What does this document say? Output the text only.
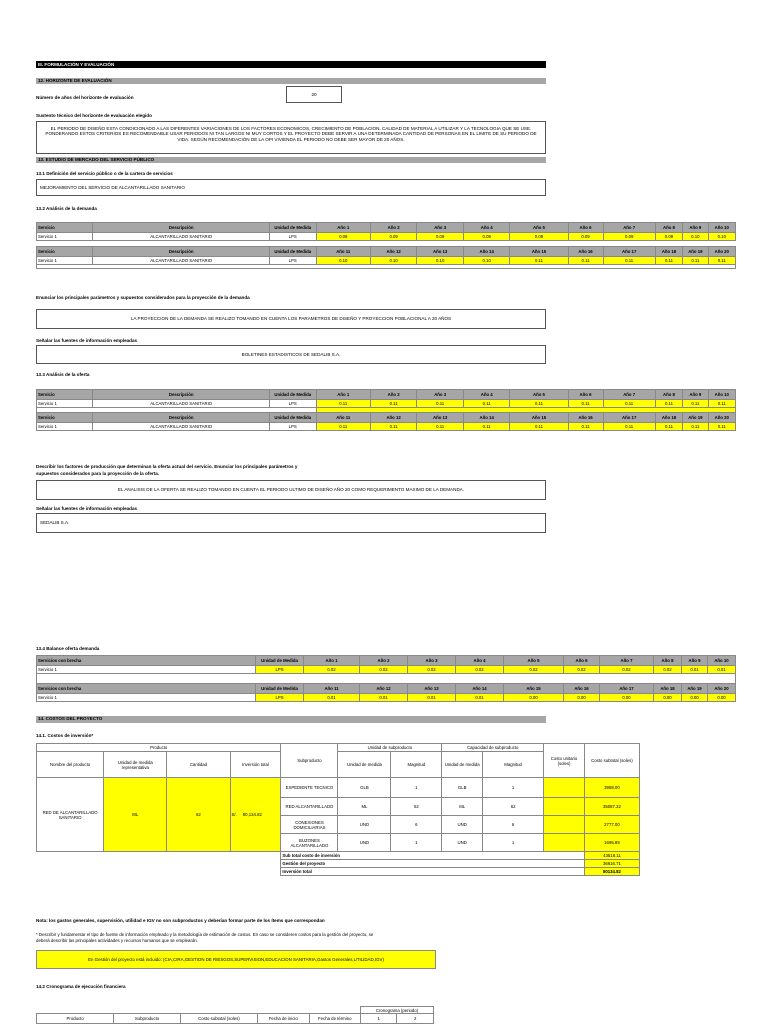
III. FORMULACIÓN Y EVALUACIÓN
12. HORIZONTE DE EVALUACIÓN
Número de años del horizonte de evaluación
20
Sustento técnico del horizonte de evaluación elegido
EL PERIODO DE DISEÑO ESTA CONDICIONADO A LAS DIFERENTES VARIACIONES DE LOS FACTORES ECONOMICOS, CRECIMIENTO DE POBLACION, CALIDAD DE MATERIAL A UTILIZAR Y LA TECNOLOGIA QUE SE USE. PONDERANDO ESTOS CRITERIOS ES RECOMENDABLE USAR PERIODOS NI TAN LARGOS NI MUY CORTOS Y EL PROYECTO DEBE SERVIR A UNA DETERMINADA CANTIDAD DE PERSONAS EN EL LIMITE DE SU PERIODO DE VIDA. SEGÚN RECOMENDACIÓN DE LA OPI VIVIENDA EL PERIODO NO DEBE SER MAYOR DE 20 AÑOS.
13. ESTUDIO DE MERCADO DEL SERVICIO PÚBLICO
13.1 Definición del servicio público o de la cartera de servicios
MEJORAMIENTO DEL SERVICIO DE ALCANTARILLADO SANITARIO
13.2 Análisis de la demanda
Servicio	Descripción	Unidad de Medida	Año 1	Año 2	Año 3	Año 4	Año 5	Año 6	Año 7	Año 8	Año 9	Año 10
Servicio 1	ALCANTARILLADO SANITARIO	LPS	0.09	0.09	0.09	0.09	0.09	0.09	0.09	0.09	0.10	0.10

Servicio	Descripción	Unidad de Medida	Año 11	Año 12	Año 13	Año 14	Año 15	Año 16	Año 17	Año 18	Año 19	Año 20
Servicio 1	ALCANTARILLADO SANITARIO	LPS	0.10	0.10	0.10	0.10	0.11	0.11	0.11	0.11	0.11	0.11

Enunciar los principales parámetros y supuestos considerados para la proyección de la demanda
LA PROYECCION DE LA DEMANDA SE REALIZO TOMANDO EN CUENTA LOS PARAMETROS DE DISEÑO Y PROYECCION POBLACIONAL A 20 AÑOS
Señalar las fuentes de información empleadas
BOLETINES ESTADISTICOS DE SEDALIB S.A.
13.3 Análisis de la oferta
Servicio	Descripción	Unidad de Medida	Año 1	Año 2	Año 3	Año 4	Año 5	Año 6	Año 7	Año 8	Año 9	Año 10
Servicio 1	ALCANTARILLADO SANITARIO	LPS	0.11	0.11	0.11	0.11	0.11	0.11	0.11	0.11	0.11	0.11

Servicio	Descripción	Unidad de Medida	Año 11	Año 12	Año 13	Año 14	Año 15	Año 16	Año 17	Año 18	Año 19	Año 20
Servicio 1	ALCANTARILLADO SANITARIO	LPS	0.11	0.11	0.11	0.11	0.11	0.11	0.11	0.11	0.11	0.11
Describir los factores de producción que determinan la oferta actual del servicio. Enunciar los principales parámetros y
supuestos considerados para la proyección de la oferta.
EL ANALISIS DE LA OFERTA SE REALIZO TOMANDO EN CUENTA EL PERIODO ULTIMO DE DISEÑO AÑO 20 COMO REQUERIMENTO MAXIMO DE LA DEMANDA.
Señalar las fuentes de información empleadas
SEDALIB S.A.
13.4 Balance oferta demanda
Servicios con brecha	Unidad de Medida	Año 1	Año 2	Año 3	Año 4	Año 5	Año 6	Año 7	Año 8	Año 9	Año 10
Servicio 1	LPS	0.02	0.02	0.02	0.02	0.02	0.02	0.02	0.02	0.01	0.01

Servicios con brecha	Unidad de Medida	Año 11	Año 12	Año 13	Año 14	Año 15	Año 16	Año 17	Año 18	Año 19	Año 20
Servicio 1	LPS	0.01	0.01	0.01	0.01	0.00	0.00	0.00	0.00	0.00	0.00
14. COSTOS DEL PROYECTO
14.1. Costos de inversión*
Producto				Subproducto	Unidad de subproducto		Capacidad de subproducto		Costo unitario (soles)	Costo subtotal (soles)
Nombre del producto	Unidad de medida representativa	Cantidad	Inversión total		Unidad de medida	Magnitud	Unidad de medida	Magnitud		
RED DE ALCANTARILLADO SANITARIO	ML	62	S/. 80,134.82	EXPEDIENTE TECNICO	GLB	1	GLB	1		3958.00
				RED ALCANTARILLADO	ML	62	ML	62		35087.22
				CONEXIONES DOMICILIARIAS	UND	6	UND	6		2777.00
				BUZONES ALCANTARILLADO	UND	1	UND	1		1695.89
				Sub total costo de inversión						43518.11
				Gestión del proyecto						36616.71
				Inversión total						80134.82
Nota: los gastos generales, supervisión, utilidad e IGV no son subproductos y deberían formar parte de los ítems que correspondan
* Describir y fundamentar el tipo de fuente de información empleado y la metodología de estimación de costos. En caso se consideren costos para la gestión del proyecto, se
deberá describir las principales actividades y recursos humanos que se emplearán.
En Gestión del proyecto está incluido: (CIA,CIRA,GESTION DE RIESGOS,SUPERVISION,EDUCACION SANITARIA,Gastos Generales,UTILIDAD,IGV)
14.2 Cronograma de ejecución financiera
					Cronograma (periodo)	
Producto	Subproducto	Costo subtotal (soles)	Fecha de inicio	Fecha de término	1	2
